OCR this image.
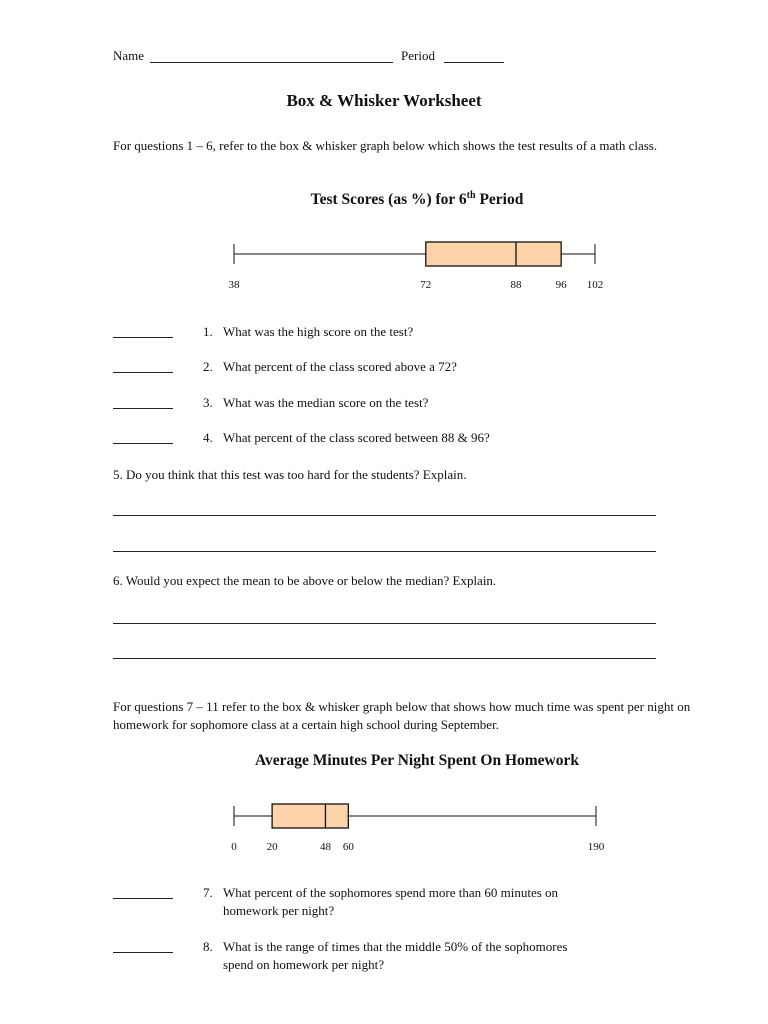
Name	Period
Box & Whisker Worksheet
For questions 1 – 6, refer to the box & whisker graph below which shows the test results of a math class.
Test Scores (as %) for 6th Period
38	72	88	96 102
1. What was the high score on the test?
2. What percent of the class scored above a 72?
3. What was the median score on the test?
4. What percent of the class scored between 88 & 96?
5. Do you think that this test was too hard for the students? Explain.
6. Would you expect the mean to be above or below the median? Explain.
For questions 7 – 11 refer to the box & whisker graph below that shows how much time was spent per night on homework for sophomore class at a certain high school during September.
Average Minutes Per Night Spent On Homework
0	20	48 60	190
7. What percent of the sophomores spend more than 60 minutes on
homework per night?
8. What is the range of times that the middle 50% of the sophomores
spend on homework per night?
